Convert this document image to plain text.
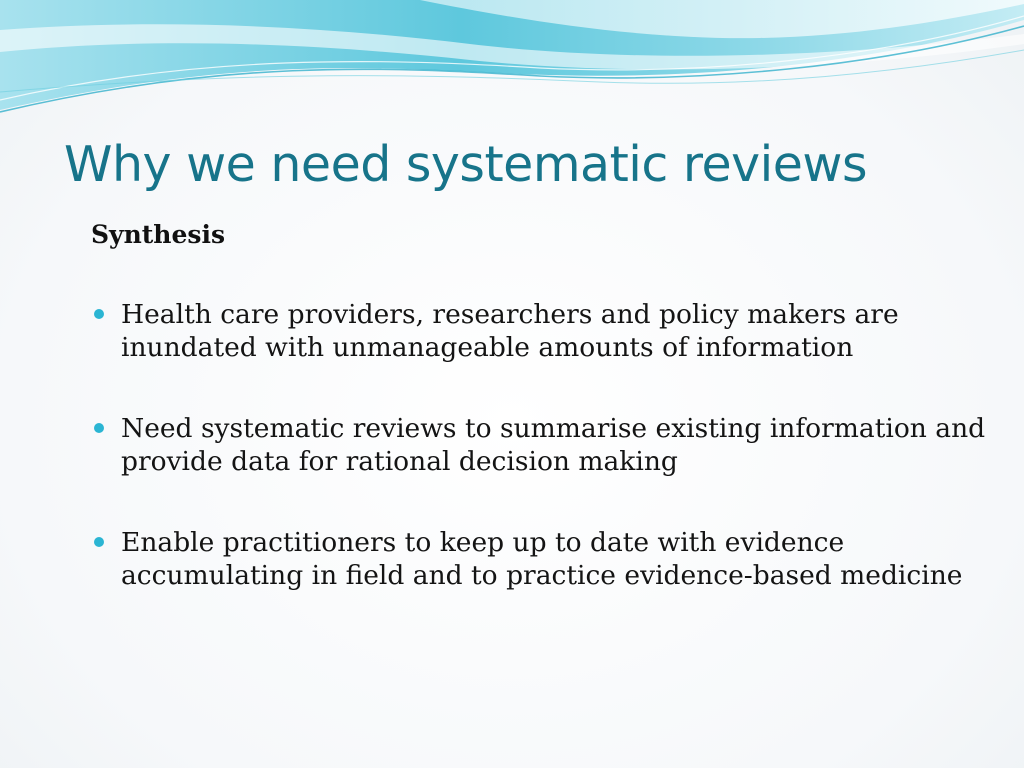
Why we need systematic reviews
Synthesis
Health care providers, researchers and policy makers are inundated with unmanageable amounts of information
Need systematic reviews to summarise existing information and provide data for rational decision making
Enable practitioners to keep up to date with evidence accumulating in field and to practice evidence-based medicine
